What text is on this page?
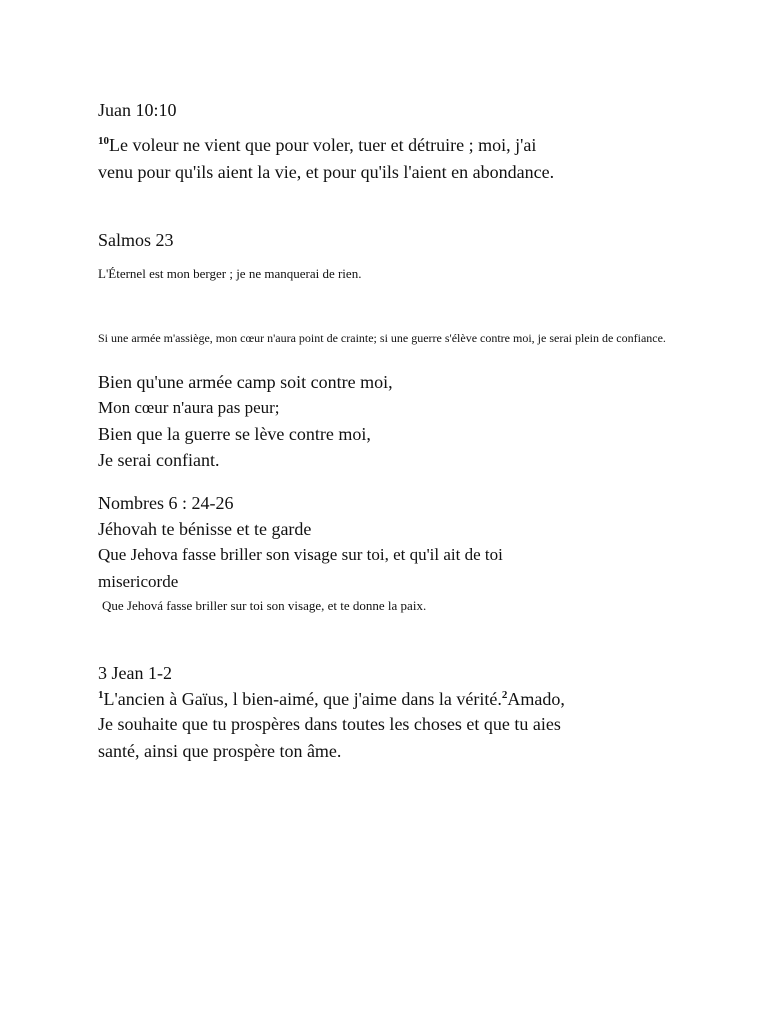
Juan 10:10
$^{10}$Le voleur ne vient que pour voler, tuer et détruire ; moi, j'ai
venu pour qu'ils aient la vie, et pour qu'ils l'aient en abondance.
Salmos 23
L'Éternel est mon berger ; je ne manquerai de rien.
Si une armée m'assiège, mon cœur n'aura point de crainte; si une guerre s'élève contre moi, je serai plein de confiance.
Bien qu'une armée camp soit contre moi,
Mon cœur n'aura pas peur;
Bien que la guerre se lève contre moi,
Je serai confiant.
Nombres 6 : 24-26
Jéhovah te bénisse et te garde
Que Jehova fasse briller son visage sur toi, et qu'il ait de toi
misericorde
Que Jehová fasse briller sur toi son visage, et te donne la paix.
3 Jean 1-2
$^1$L'ancien à Gaïus, l bien-aimé, que j'aime dans la vérité.$^2$Amado,
Je souhaite que tu prospères dans toutes les choses et que tu aies
santé, ainsi que prospère ton âme.
